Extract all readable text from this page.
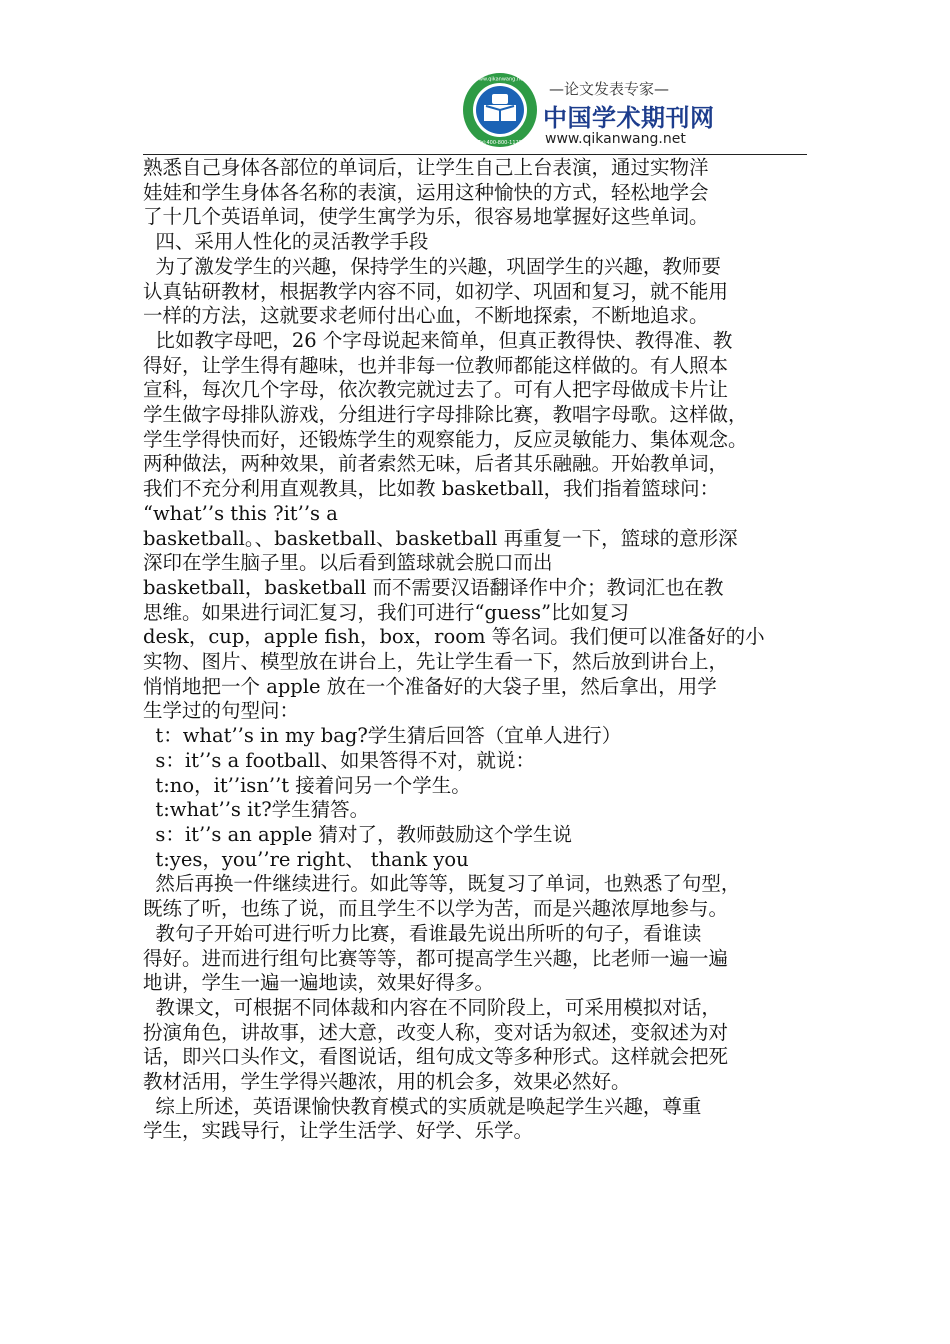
www.qikanwang.net
Tel:400-800-1125
—论文发表专家—
中国学术期刊网
www.qikanwang.net

熟悉自己身体各部位的单词后，让学生自己上台表演，通过实物洋

娃娃和学生身体各名称的表演，运用这种愉快的方式，轻松地学会

了十几个英语单词，使学生寓学为乐，很容易地掌握好这些单词。

四、采用人性化的灵活教学手段

为了激发学生的兴趣，保持学生的兴趣，巩固学生的兴趣，教师要

认真钻研教材，根据教学内容不同，如初学、巩固和复习，就不能用

一样的方法，这就要求老师付出心血，不断地探索，不断地追求。

比如教字母吧，26 个字母说起来简单，但真正教得快、教得准、教

得好，让学生得有趣味，也并非每一位教师都能这样做的。有人照本

宣科，每次几个字母，依次教完就过去了。可有人把字母做成卡片让

学生做字母排队游戏，分组进行字母排除比赛，教唱字母歌。这样做，

学生学得快而好，还锻炼学生的观察能力，反应灵敏能力、集体观念。

两种做法，两种效果，前者索然无味，后者其乐融融。开始教单词，

我们不充分利用直观教具，比如教 basketball，我们指着篮球问：

“what’’s this ?it’’s a

basketball。、basketball、basketball 再重复一下，篮球的意形深

深印在学生脑子里。以后看到篮球就会脱口而出

basketball，basketball 而不需要汉语翻译作中介；教词汇也在教

思维。如果进行词汇复习，我们可进行“guess”比如复习

desk，cup，apple fish，box，room 等名词。我们便可以准备好的小

实物、图片、模型放在讲台上，先让学生看一下，然后放到讲台上，

悄悄地把一个 apple 放在一个准备好的大袋子里，然后拿出，用学

生学过的句型问：

t：what’’s in my bag?学生猜后回答（宜单人进行）

s：it’’s a football、如果答得不对，就说：

t:no，it’’isn’’t 接着问另一个学生。

t:what’’s it?学生猜答。

s：it’’s an apple 猜对了，教师鼓励这个学生说

t:yes，you’’re right、 thank you

然后再换一件继续进行。如此等等，既复习了单词，也熟悉了句型，

既练了听，也练了说，而且学生不以学为苦，而是兴趣浓厚地参与。

教句子开始可进行听力比赛，看谁最先说出所听的句子，看谁读

得好。进而进行组句比赛等等，都可提高学生兴趣，比老师一遍一遍

地讲，学生一遍一遍地读，效果好得多。

教课文，可根据不同体裁和内容在不同阶段上，可采用模拟对话，

扮演角色，讲故事，述大意，改变人称，变对话为叙述，变叙述为对

话，即兴口头作文，看图说话，组句成文等多种形式。这样就会把死

教材活用，学生学得兴趣浓，用的机会多，效果必然好。

综上所述，英语课愉快教育模式的实质就是唤起学生兴趣，尊重

学生，实践导行，让学生活学、好学、乐学。
